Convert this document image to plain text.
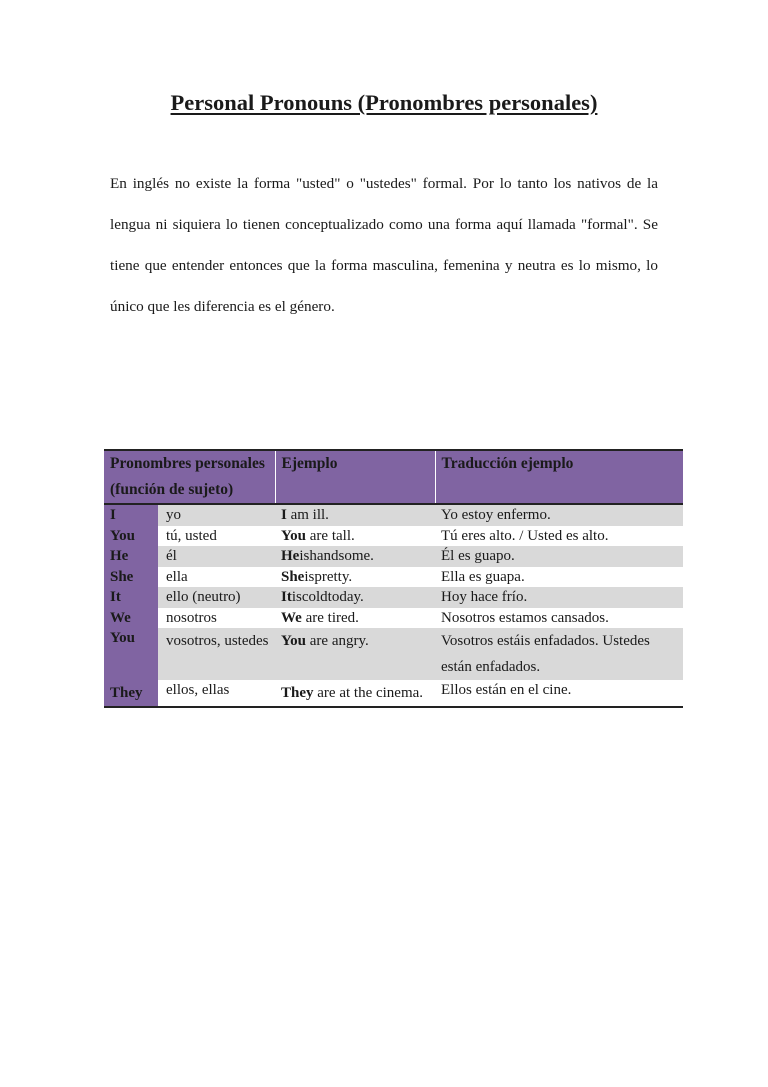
Personal Pronouns (Pronombres personales)

En inglés no existe la forma "usted" o "ustedes" formal. Por lo tanto los nativos de la lengua ni siquiera lo tienen conceptualizado como una forma aquí llamada "formal". Se tiene que entender entonces que la forma masculina, femenina y neutra es lo mismo, lo único que les diferencia es el género.

Pronombres personales (función de sujeto)		Ejemplo	Traducción ejemplo
I	yo	I am ill.	Yo estoy enfermo.
You	tú, usted	You are tall.	Tú eres alto. / Usted es alto.
He	él	Heishandsome.	Él es guapo.
She	ella	Sheispretty.	Ella es guapa.
It	ello (neutro)	Itiscoldtoday.	Hoy hace frío.
We	nosotros	We are tired.	Nosotros estamos cansados.
You	vosotros, ustedes	You are angry.	Vosotros estáis enfadados. Ustedes están enfadados.
They	ellos, ellas	They are at the cinema.	Ellos están en el cine.
